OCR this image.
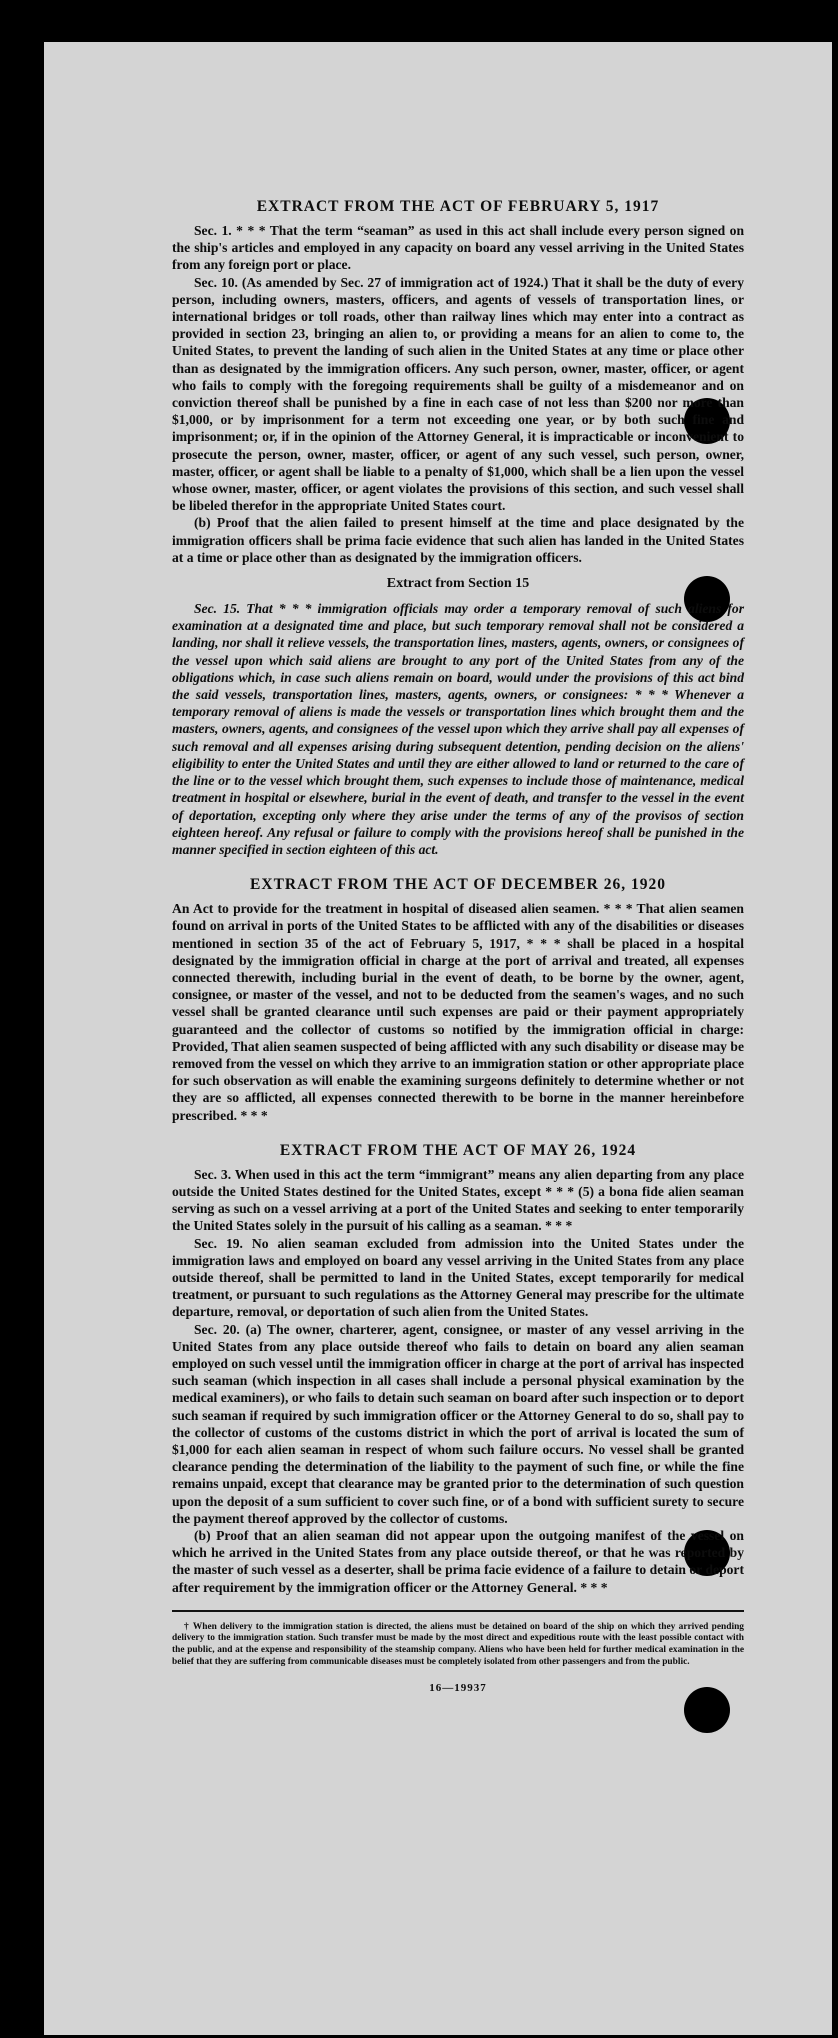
EXTRACT FROM THE ACT OF FEBRUARY 5, 1917

Sec. 1. * * * That the term “seaman” as used in this act shall include every person signed on the ship's articles and employed in any capacity on board any vessel arriving in the United States from any foreign port or place.

Sec. 10. (As amended by Sec. 27 of immigration act of 1924.) That it shall be the duty of every person, including owners, masters, officers, and agents of vessels of transportation lines, or international bridges or toll roads, other than railway lines which may enter into a contract as provided in section 23, bringing an alien to, or providing a means for an alien to come to, the United States, to prevent the landing of such alien in the United States at any time or place other than as designated by the immigration officers. Any such person, owner, master, officer, or agent who fails to comply with the foregoing requirements shall be guilty of a misdemeanor and on conviction thereof shall be punished by a fine in each case of not less than $200 nor more than $1,000, or by imprisonment for a term not exceeding one year, or by both such fine and imprisonment; or, if in the opinion of the Attorney General, it is impracticable or inconvenient to prosecute the person, owner, master, officer, or agent of any such vessel, such person, owner, master, officer, or agent shall be liable to a penalty of $1,000, which shall be a lien upon the vessel whose owner, master, officer, or agent violates the provisions of this section, and such vessel shall be libeled therefor in the appropriate United States court.

(b) Proof that the alien failed to present himself at the time and place designated by the immigration officers shall be prima facie evidence that such alien has landed in the United States at a time or place other than as designated by the immigration officers.

Extract from Section 15

Sec. 15. That * * * immigration officials may order a temporary removal of such aliens for examination at a designated time and place, but such temporary removal shall not be considered a landing, nor shall it relieve vessels, the transportation lines, masters, agents, owners, or consignees of the vessel upon which said aliens are brought to any port of the United States from any of the obligations which, in case such aliens remain on board, would under the provisions of this act bind the said vessels, transportation lines, masters, agents, owners, or consignees: * * * Whenever a temporary removal of aliens is made the vessels or transportation lines which brought them and the masters, owners, agents, and consignees of the vessel upon which they arrive shall pay all expenses of such removal and all expenses arising during subsequent detention, pending decision on the aliens' eligibility to enter the United States and until they are either allowed to land or returned to the care of the line or to the vessel which brought them, such expenses to include those of maintenance, medical treatment in hospital or elsewhere, burial in the event of death, and transfer to the vessel in the event of deportation, excepting only where they arise under the terms of any of the provisos of section eighteen hereof. Any refusal or failure to comply with the provisions hereof shall be punished in the manner specified in section eighteen of this act.

EXTRACT FROM THE ACT OF DECEMBER 26, 1920

An Act to provide for the treatment in hospital of diseased alien seamen. * * * That alien seamen found on arrival in ports of the United States to be afflicted with any of the disabilities or diseases mentioned in section 35 of the act of February 5, 1917, * * * shall be placed in a hospital designated by the immigration official in charge at the port of arrival and treated, all expenses connected therewith, including burial in the event of death, to be borne by the owner, agent, consignee, or master of the vessel, and not to be deducted from the seamen's wages, and no such vessel shall be granted clearance until such expenses are paid or their payment appropriately guaranteed and the collector of customs so notified by the immigration official in charge: Provided, That alien seamen suspected of being afflicted with any such disability or disease may be removed from the vessel on which they arrive to an immigration station or other appropriate place for such observation as will enable the examining surgeons definitely to determine whether or not they are so afflicted, all expenses connected therewith to be borne in the manner hereinbefore prescribed. * * *

EXTRACT FROM THE ACT OF MAY 26, 1924

Sec. 3. When used in this act the term “immigrant” means any alien departing from any place outside the United States destined for the United States, except * * * (5) a bona fide alien seaman serving as such on a vessel arriving at a port of the United States and seeking to enter temporarily the United States solely in the pursuit of his calling as a seaman. * * *

Sec. 19. No alien seaman excluded from admission into the United States under the immigration laws and employed on board any vessel arriving in the United States from any place outside thereof, shall be permitted to land in the United States, except temporarily for medical treatment, or pursuant to such regulations as the Attorney General may prescribe for the ultimate departure, removal, or deportation of such alien from the United States.

Sec. 20. (a) The owner, charterer, agent, consignee, or master of any vessel arriving in the United States from any place outside thereof who fails to detain on board any alien seaman employed on such vessel until the immigration officer in charge at the port of arrival has inspected such seaman (which inspection in all cases shall include a personal physical examination by the medical examiners), or who fails to detain such seaman on board after such inspection or to deport such seaman if required by such immigration officer or the Attorney General to do so, shall pay to the collector of customs of the customs district in which the port of arrival is located the sum of $1,000 for each alien seaman in respect of whom such failure occurs. No vessel shall be granted clearance pending the determination of the liability to the payment of such fine, or while the fine remains unpaid, except that clearance may be granted prior to the determination of such question upon the deposit of a sum sufficient to cover such fine, or of a bond with sufficient surety to secure the payment thereof approved by the collector of customs.

(b) Proof that an alien seaman did not appear upon the outgoing manifest of the vessel on which he arrived in the United States from any place outside thereof, or that he was reported by the master of such vessel as a deserter, shall be prima facie evidence of a failure to detain or deport after requirement by the immigration officer or the Attorney General. * * *

† When delivery to the immigration station is directed, the aliens must be detained on board of the ship on which they arrived pending delivery to the immigration station. Such transfer must be made by the most direct and expeditious route with the least possible contact with the public, and at the expense and responsibility of the steamship company. Aliens who have been held for further medical examination in the belief that they are suffering from communicable diseases must be completely isolated from other passengers and from the public.

16—19937
